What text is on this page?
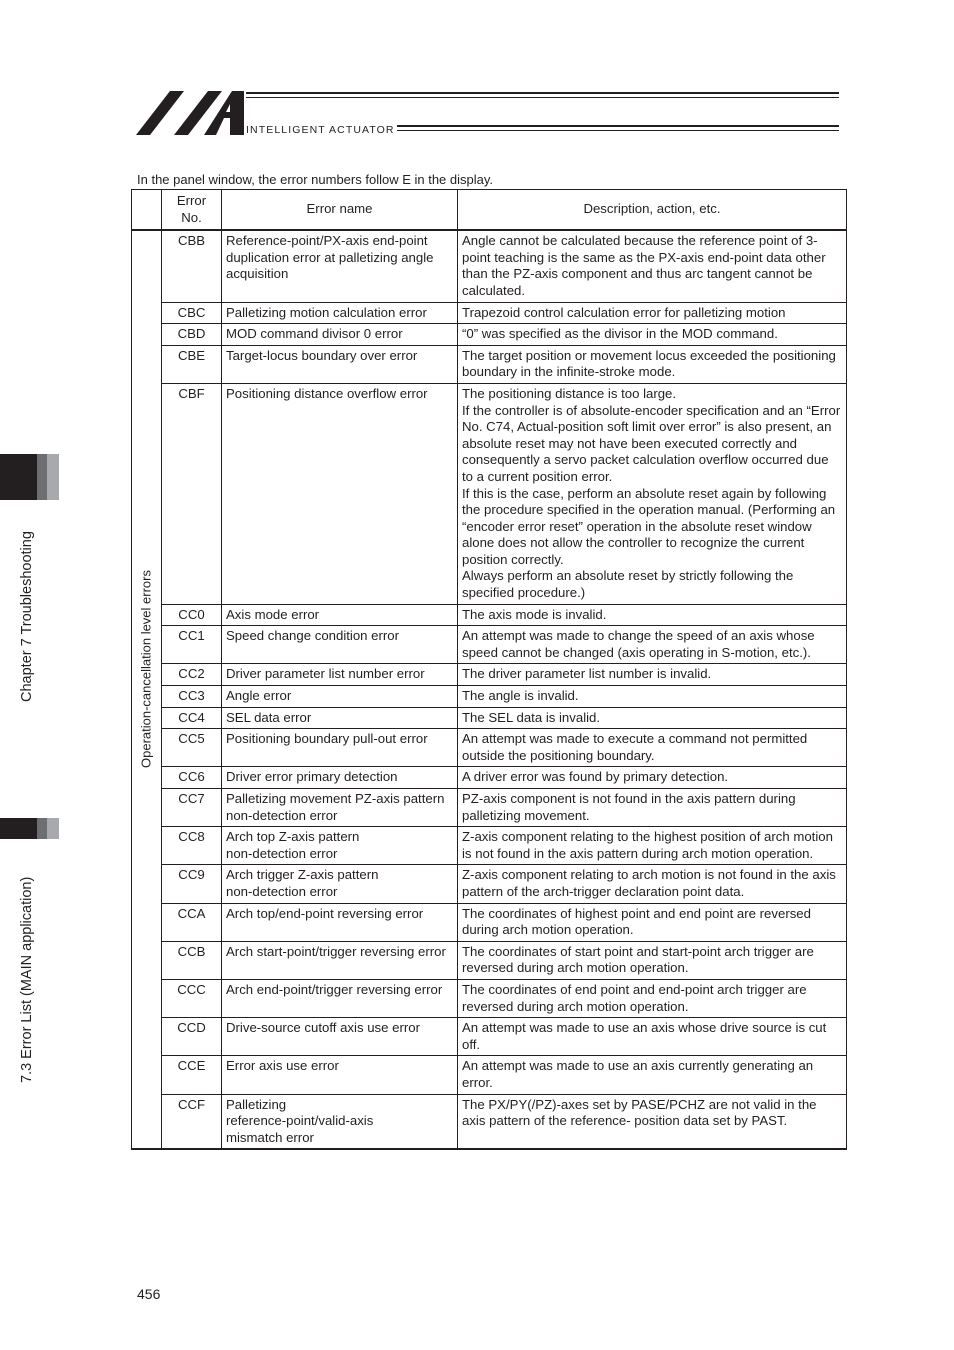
INTELLIGENT ACTUATOR
In the panel window, the error numbers follow E in the display.
	Error No.	Error name	Description, action, etc.

Operation-cancellation level errors	CBB	Reference-point/PX-axis end-point duplication error at palletizing angle acquisition	Angle cannot be calculated because the reference point of 3-point teaching is the same as the PX-axis end-point data other than the PZ-axis component and thus arc tangent cannot be calculated.
	CBC	Palletizing motion calculation error	Trapezoid control calculation error for palletizing motion
	CBD	MOD command divisor 0 error	“0” was specified as the divisor in the MOD command.
	CBE	Target-locus boundary over error	The target position or movement locus exceeded the positioning boundary in the infinite-stroke mode.
	CBF	Positioning distance overflow error	The positioning distance is too large.
If the controller is of absolute-encoder specification and an “Error No. C74, Actual-position soft limit over error” is also present, an absolute reset may not have been executed correctly and consequently a servo packet calculation overflow occurred due to a current position error.
If this is the case, perform an absolute reset again by following the procedure specified in the operation manual. (Performing an “encoder error reset” operation in the absolute reset window alone does not allow the controller to recognize the current position correctly.
Always perform an absolute reset by strictly following the specified procedure.)
	CC0	Axis mode error	The axis mode is invalid.
	CC1	Speed change condition error	An attempt was made to change the speed of an axis whose speed cannot be changed (axis operating in S-motion, etc.).
	CC2	Driver parameter list number error	The driver parameter list number is invalid.
	CC3	Angle error	The angle is invalid.
	CC4	SEL data error	The SEL data is invalid.
	CC5	Positioning boundary pull-out error	An attempt was made to execute a command not permitted outside the positioning boundary.
	CC6	Driver error primary detection	A driver error was found by primary detection.
	CC7	Palletizing movement PZ-axis pattern non-detection error	PZ-axis component is not found in the axis pattern during palletizing movement.
	CC8	Arch top Z-axis pattern
non-detection error	Z-axis component relating to the highest position of arch motion is not found in the axis pattern during arch motion operation.
	CC9	Arch trigger Z-axis pattern
non-detection error	Z-axis component relating to arch motion is not found in the axis pattern of the arch-trigger declaration point data.
	CCA	Arch top/end-point reversing error	The coordinates of highest point and end point are reversed during arch motion operation.
	CCB	Arch start-point/trigger reversing error	The coordinates of start point and start-point arch trigger are reversed during arch motion operation.
	CCC	Arch end-point/trigger reversing error	The coordinates of end point and end-point arch trigger are reversed during arch motion operation.
	CCD	Drive-source cutoff axis use error	An attempt was made to use an axis whose drive source is cut off.
	CCE	Error axis use error	An attempt was made to use an axis currently generating an error.
	CCF	Palletizing
reference-point/valid-axis
mismatch error	The PX/PY(/PZ)-axes set by PASE/PCHZ are not valid in the axis pattern of the reference- position data set by PAST.
Chapter 7 Troubleshooting
7.3 Error List (MAIN application)
456
